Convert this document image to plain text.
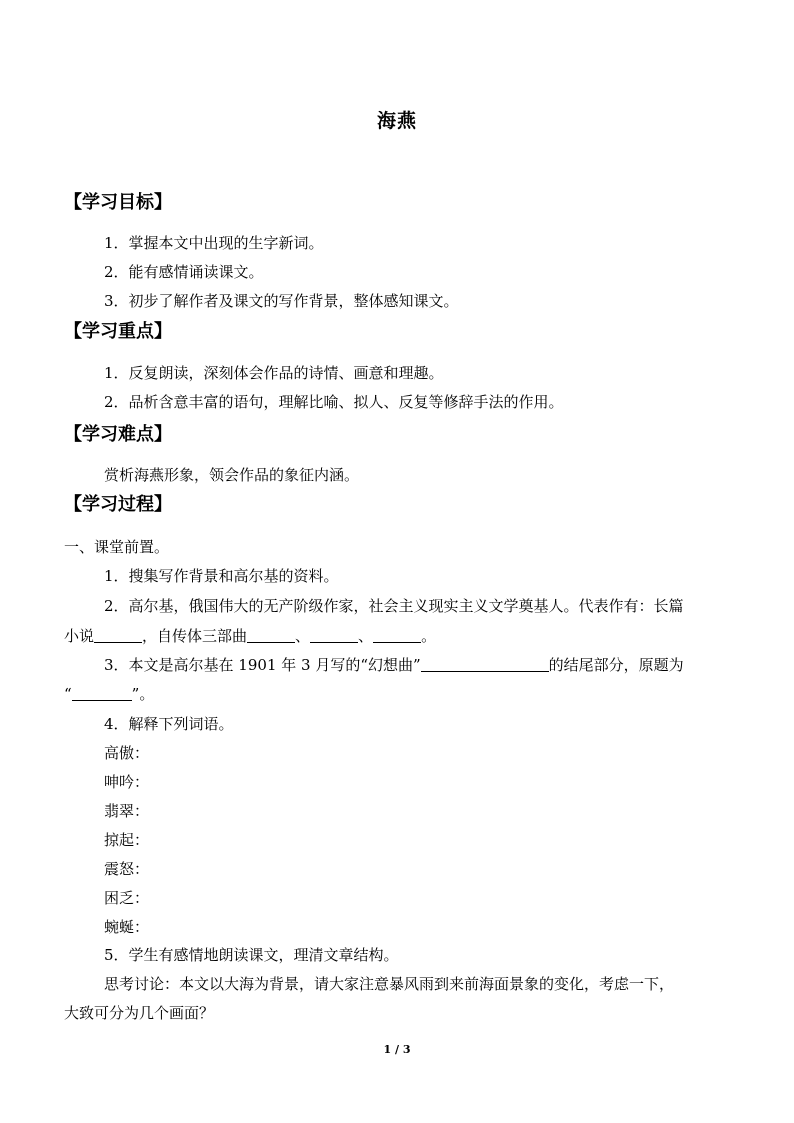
海燕
【学习目标】
1．掌握本文中出现的生字新词。
2．能有感情诵读课文。
3．初步了解作者及课文的写作背景，整体感知课文。
【学习重点】
1．反复朗读，深刻体会作品的诗情、画意和理趣。
2．品析含意丰富的语句，理解比喻、拟人、反复等修辞手法的作用。
【学习难点】
赏析海燕形象，领会作品的象征内涵。
【学习过程】
一、课堂前置。
1．搜集写作背景和高尔基的资料。
2．高尔基，俄国伟大的无产阶级作家，社会主义现实主义文学奠基人。代表作有：长篇
小说	，自传体三部曲	、	、	。
3．本文是高尔基在 1901 年 3 月写的“幻想曲”	的结尾部分，原题为
“	”。
4．解释下列词语。
高傲：
呻吟：
翡翠：
掠起：
震怒：
困乏：
蜿蜒：
5．学生有感情地朗读课文，理清文章结构。
思考讨论：本文以大海为背景，请大家注意暴风雨到来前海面景象的变化，考虑一下，
大致可分为几个画面？
1 / 3
